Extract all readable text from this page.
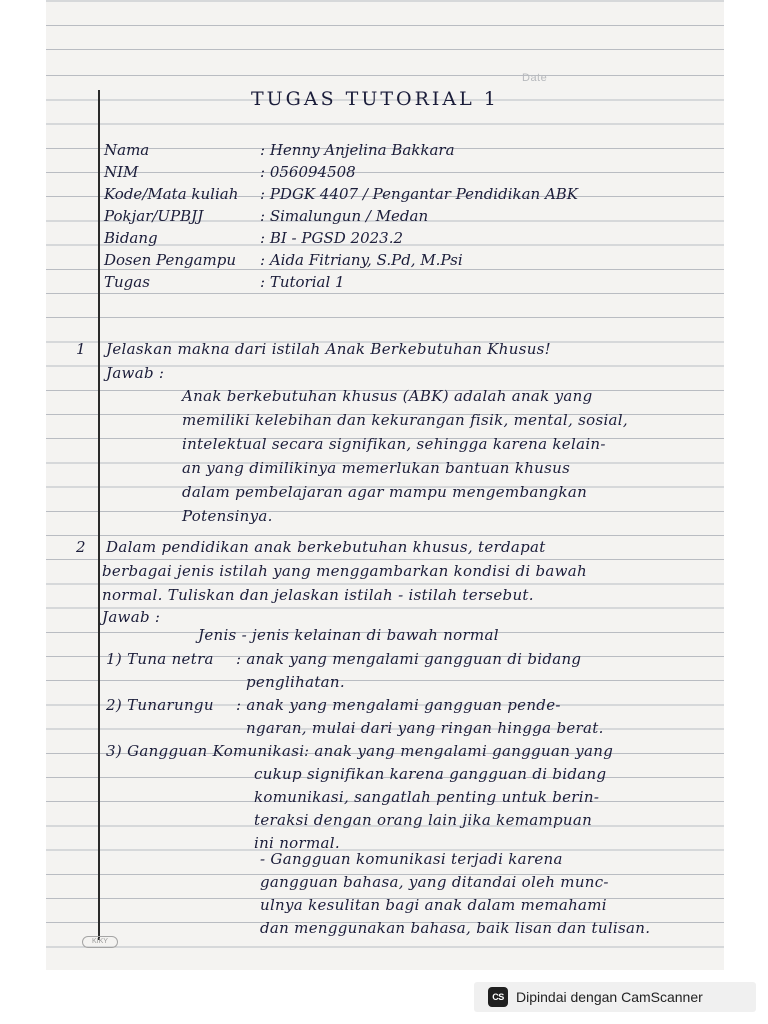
Date
TUGAS TUTORIAL 1
Nama	: Henny Anjelina Bakkara
NIM	: 056094508
Kode/Mata kuliah : PDGK 4407 / Pengantar Pendidikan ABK
Pokjar/UPBJJ	: Simalungun / Medan
Bidang	: BI - PGSD 2023.2
Dosen Pengampu : Aida Fitriany, S.Pd, M.Psi
Tugas	: Tutorial 1
1 Jelaskan makna dari istilah Anak Berkebutuhan Khusus!
Jawab :
Anak berkebutuhan khusus (ABK) adalah anak yang
memiliki kelebihan dan kekurangan fisik, mental, sosial,
intelektual secara signifikan, sehingga karena kelain-
an yang dimilikinya memerlukan bantuan khusus
dalam pembelajaran agar mampu mengembangkan
Potensinya.
2 Dalam pendidikan anak berkebutuhan khusus, terdapat
berbagai jenis istilah yang menggambarkan kondisi di bawah
normal. Tuliskan dan jelaskan istilah - istilah tersebut.
Jawab :
Jenis - jenis kelainan di bawah normal
1) Tuna netra : anak yang mengalami gangguan di bidang
penglihatan.
2) Tunarungu : anak yang mengalami gangguan pende-
ngaran, mulai dari yang ringan hingga berat.
3) Gangguan Komunikasi : anak yang mengalami gangguan yang
cukup signifikan karena gangguan di bidang
komunikasi, sangatlah penting untuk berin-
teraksi dengan orang lain jika kemampuan
ini normal.
- Gangguan komunikasi terjadi karena
gangguan bahasa, yang ditandai oleh munc-
ulnya kesulitan bagi anak dalam memahami
dan menggunakan bahasa, baik lisan dan tulisan.
KIKY
CS Dipindai dengan CamScanner
